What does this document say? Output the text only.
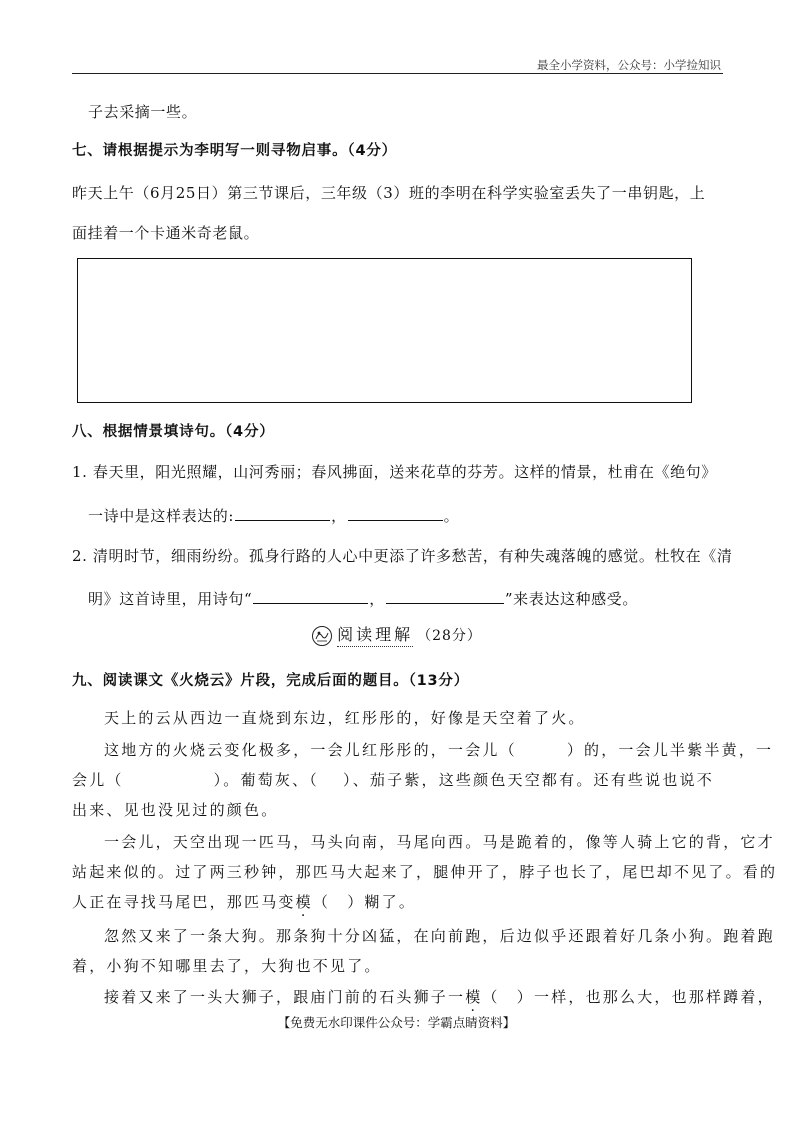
最全小学资料，公众号：小学捡知识
子去采摘一些。
七、请根据提示为李明写一则寻物启事。（4分）
昨天上午（6月25日）第三节课后，三年级（3）班的李明在科学实验室丢失了一串钥匙，上
面挂着一个卡通米奇老鼠。
八、根据情景填诗句。（4分）
1. 春天里，阳光照耀，山河秀丽；春风拂面，送来花草的芬芳。这样的情景，杜甫在《绝句》
一诗中是这样表达的:	，	。
2. 清明时节，细雨纷纷。孤身行路的人心中更添了许多愁苦，有种失魂落魄的感觉。杜牧在《清
明》这首诗里，用诗句“	，	”来表达这种感受。
阅读理解 （28分）
九、阅读课文《火烧云》片段，完成后面的题目。（13分）
天上的云从西边一直烧到东边，红彤彤的，好像是天空着了火。
这地方的火烧云变化极多，一会儿红彤彤的，一会儿（	）的，一会儿半紫半黄，一
会儿（	）。葡萄灰、（ ）、茄子紫，这些颜色天空都有。还有些说也说不
出来、见也没见过的颜色。
一会儿，天空出现一匹马，马头向南，马尾向西。马是跪着的，像等人骑上它的背，它才
站起来似的。过了两三秒钟，那匹马大起来了，腿伸开了，脖子也长了，尾巴却不见了。看的
人正在寻找马尾巴，那匹马变模（　）糊了。
忽然又来了一条大狗。那条狗十分凶猛，在向前跑，后边似乎还跟着好几条小狗。跑着跑
着，小狗不知哪里去了，大狗也不见了。
接着又来了一头大狮子，跟庙门前的石头狮子一模（　）一样，也那么大，也那样蹲着，
【免费无水印课件公众号：学霸点睛资料】
